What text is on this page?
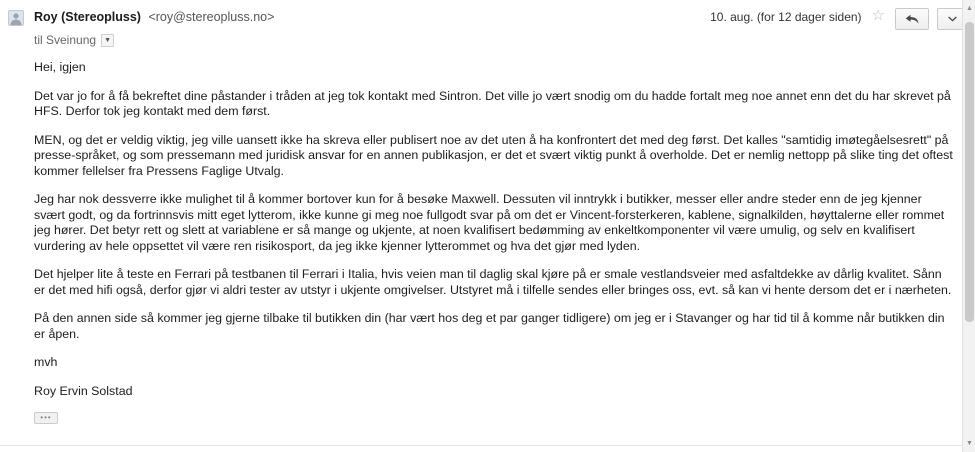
Roy (Stereopluss) <roy@stereopluss.no>	10. aug. (for 12 dager siden) ☆
til Sveinung ▼

Hei, igjen

Det var jo for å få bekreftet dine påstander i tråden at jeg tok kontakt med Sintron. Det ville jo vært snodig om du hadde fortalt meg noe annet enn det du har skrevet på HFS. Derfor tok jeg kontakt med dem først.

MEN, og det er veldig viktig, jeg ville uansett ikke ha skreva eller publisert noe av det uten å ha konfrontert det med deg først. Det kalles "samtidig imøtegåelsesrett" på presse-språket, og som pressemann med juridisk ansvar for en annen publikasjon, er det et svært viktig punkt å overholde. Det er nemlig nettopp på slike ting det oftest kommer fellelser fra Pressens Faglige Utvalg.

Jeg har nok dessverre ikke mulighet til å kommer bortover kun for å besøke Maxwell. Dessuten vil inntrykk i butikker, messer eller andre steder enn de jeg kjenner svært godt, og da fortrinnsvis mitt eget lytterom, ikke kunne gi meg noe fullgodt svar på om det er Vincent-forsterkeren, kablene, signalkilden, høyttalerne eller rommet jeg hører. Det betyr rett og slett at variablene er så mange og ukjente, at noen kvalifisert bedømming av enkeltkomponenter vil være umulig, og selv en kvalifisert vurdering av hele oppsettet vil være ren risikosport, da jeg ikke kjenner lytterommet og hva det gjør med lyden.

Det hjelper lite å teste en Ferrari på testbanen til Ferrari i Italia, hvis veien man til daglig skal kjøre på er smale vestlandsveier med asfaltdekke av dårlig kvalitet. Sånn er det med hifi også, derfor gjør vi aldri tester av utstyr i ukjente omgivelser. Utstyret må i tilfelle sendes eller bringes oss, evt. så kan vi hente dersom det er i nærheten.

På den annen side så kommer jeg gjerne tilbake til butikken din (har vært hos deg et par ganger tidligere) om jeg er i Stavanger og har tid til å komme når butikken din er åpen.

mvh

Roy Ervin Solstad

•••
▲
▼
